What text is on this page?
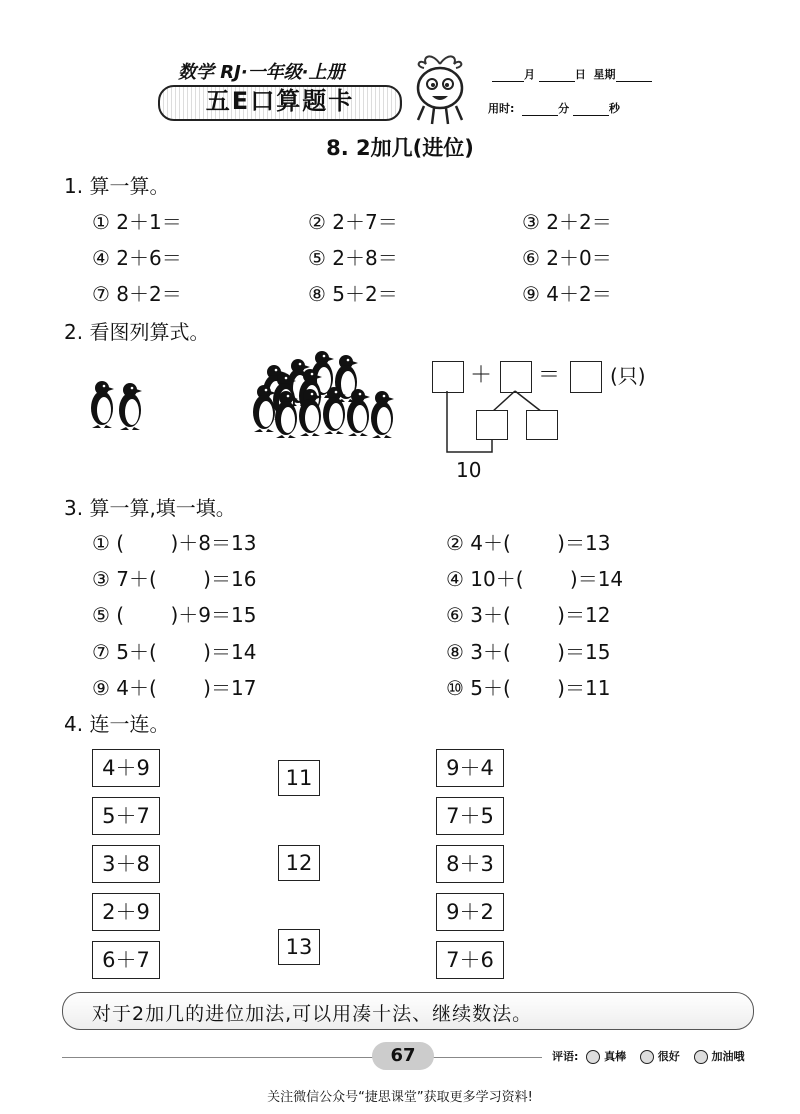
数学 RJ·一年级·上册
五E口算题卡
月	日 星期
用时:	分	秒
8. 2加几(进位)
1. 算一算。
① 2＋1＝	② 2＋7＝	③ 2＋2＝
④ 2＋6＝	⑤ 2＋8＝	⑥ 2＋0＝
⑦ 8＋2＝	⑧ 5＋2＝	⑨ 4＋2＝
2. 看图列算式。
＋ ＝ (只)
10
3. 算一算,填一填。
① (　　 )＋8＝13	② 4＋(　　 )＝13
③ 7＋(　　 )＝16	④ 10＋(　　 )＝14
⑤ (　　 )＋9＝15	⑥ 3＋(　　 )＝12
⑦ 5＋(　　 )＝14	⑧ 3＋(　　 )＝15
⑨ 4＋(　　 )＝17	⑩ 5＋(　　 )＝11
4. 连一连。
4＋9
5＋7
3＋8
2＋9
6＋7
11
12
13
9＋4
7＋5
8＋3
9＋2
7＋6
对于2加几的进位加法,可以用凑十法、继续数法。
67	评语: 真棒	很好	加油哦
关注微信公众号“捷思课堂”获取更多学习资料!
